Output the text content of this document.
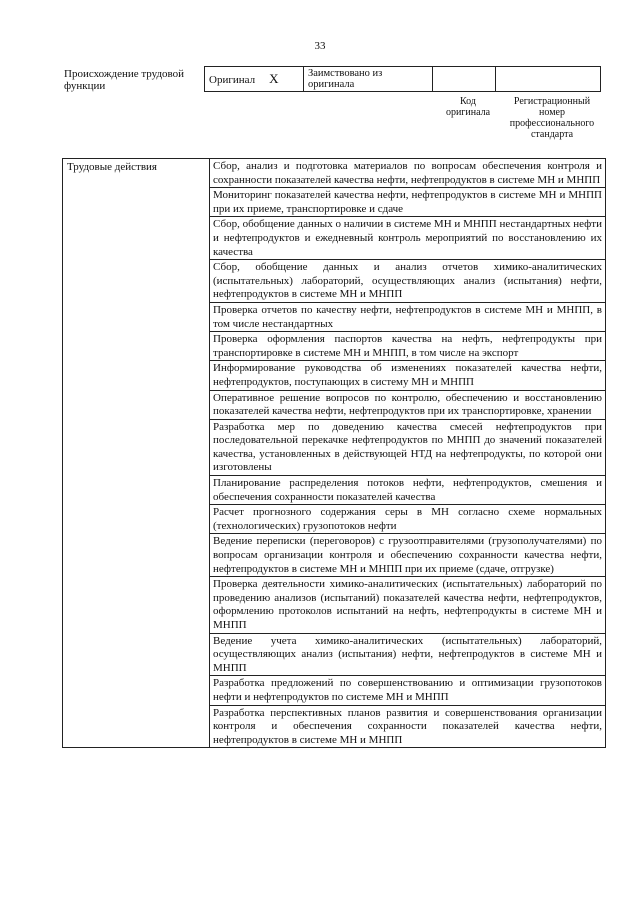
33
Происхождение трудовой функции	Оригинал X	Заимствовано из оригинала		
Код оригинала
Регистрационный номер профессионального стандарта
Трудовые действия	Сбор, анализ и подготовка материалов по вопросам обеспечения контроля и сохранности показателей качества нефти, нефтепродуктов в системе МН и МНПП
Мониторинг показателей качества нефти, нефтепродуктов в системе МН и МНПП при их приеме, транспортировке и сдаче
Сбор, обобщение данных о наличии в системе МН и МНПП нестандартных нефти и нефтепродуктов и ежедневный контроль мероприятий по восстановлению их качества
Сбор, обобщение данных и анализ отчетов химико-аналитических (испытательных) лабораторий, осуществляющих анализ (испытания) нефти, нефтепродуктов в системе МН и МНПП
Проверка отчетов по качеству нефти, нефтепродуктов в системе МН и МНПП, в том числе нестандартных
Проверка оформления паспортов качества на нефть, нефтепродукты при транспортировке в системе МН и МНПП, в том числе на экспорт
Информирование руководства об изменениях показателей качества нефти, нефтепродуктов, поступающих в систему МН и МНПП
Оперативное решение вопросов по контролю, обеспечению и восстановлению показателей качества нефти, нефтепродуктов при их транспортировке, хранении
Разработка мер по доведению качества смесей нефтепродуктов при последовательной перекачке нефтепродуктов по МНПП до значений показателей качества, установленных в действующей НТД на нефтепродукты, по которой они изготовлены
Планирование распределения потоков нефти, нефтепродуктов, смешения и обеспечения сохранности показателей качества
Расчет прогнозного содержания серы в МН согласно схеме нормальных (технологических) грузопотоков нефти
Ведение переписки (переговоров) с грузоотправителями (грузополучателями) по вопросам организации контроля и обеспечению сохранности качества нефти, нефтепродуктов в системе МН и МНПП при их приеме (сдаче, отгрузке)
Проверка деятельности химико-аналитических (испытательных) лабораторий по проведению анализов (испытаний) показателей качества нефти, нефтепродуктов, оформлению протоколов испытаний на нефть, нефтепродукты в системе МН и МНПП
Ведение учета химико-аналитических (испытательных) лабораторий, осуществляющих анализ (испытания) нефти, нефтепродуктов в системе МН и МНПП
Разработка предложений по совершенствованию и оптимизации грузопотоков нефти и нефтепродуктов по системе МН и МНПП
Разработка перспективных планов развития и совершенствования организации контроля и обеспечения сохранности показателей качества нефти, нефтепродуктов в системе МН и МНПП
